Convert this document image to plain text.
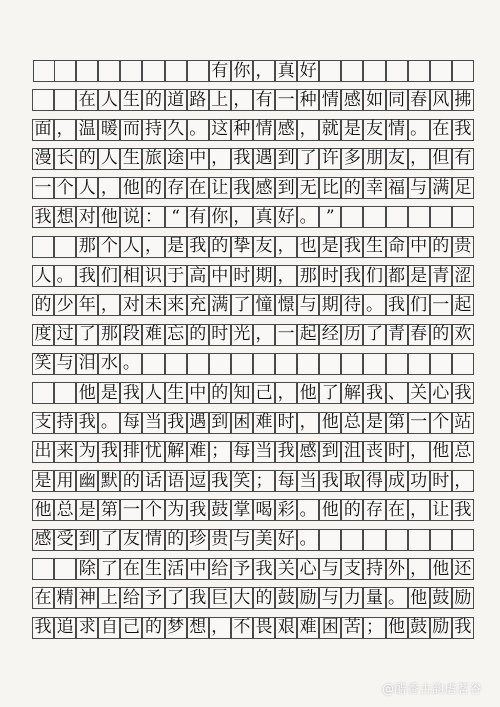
有 你 ， 真 好
在 人 生 的 道 路 上 ， 有 一 种 情 感 如 同 春 风 拂
面 ， 温 暖 而 持 久 。 这 种 情 感 ， 就 是 友 情 。 在 我
漫 长 的 人 生 旅 途 中 ， 我 遇 到 了 许 多 朋 友 ， 但 有
一 个 人 ， 他 的 存 在 让 我 感 到 无 比 的 幸 福 与 满 足
我 想 对 他 说 ： “ 有 你 ， 真 好 。 ”
那 个 人 ， 是 我 的 挚 友 ， 也 是 我 生 命 中 的 贵
人 。 我 们 相 识 于 高 中 时 期 ， 那 时 我 们 都 是 青 涩
的 少 年 ， 对 未 来 充 满 了 憧 憬 与 期 待 。 我 们 一 起
度 过 了 那 段 难 忘 的 时 光 ， 一 起 经 历 了 青 春 的 欢
笑 与 泪 水 。
他 是 我 人 生 中 的 知 己 ， 他 了 解 我 、 关 心 我
支 持 我 。 每 当 我 遇 到 困 难 时 ， 他 总 是 第 一 个 站
出 来 为 我 排 忧 解 难 ； 每 当 我 感 到 沮 丧 时 ， 他 总
是 用 幽 默 的 话 语 逗 我 笑 ； 每 当 我 取 得 成 功 时 ，
他 总 是 第 一 个 为 我 鼓 掌 喝 彩 。 他 的 存 在 ， 让 我
感 受 到 了 友 情 的 珍 贵 与 美 好 。
除 了 在 生 活 中 给 予 我 关 心 与 支 持 外 ， 他 还
在 精 神 上 给 予 了 我 巨 大 的 鼓 励 与 力 量 。 他 鼓 励
我 追 求 自 己 的 梦 想 ， 不 畏 艰 难 困 苦 ； 他 鼓 励 我
@醋香古韵虐茗谷
